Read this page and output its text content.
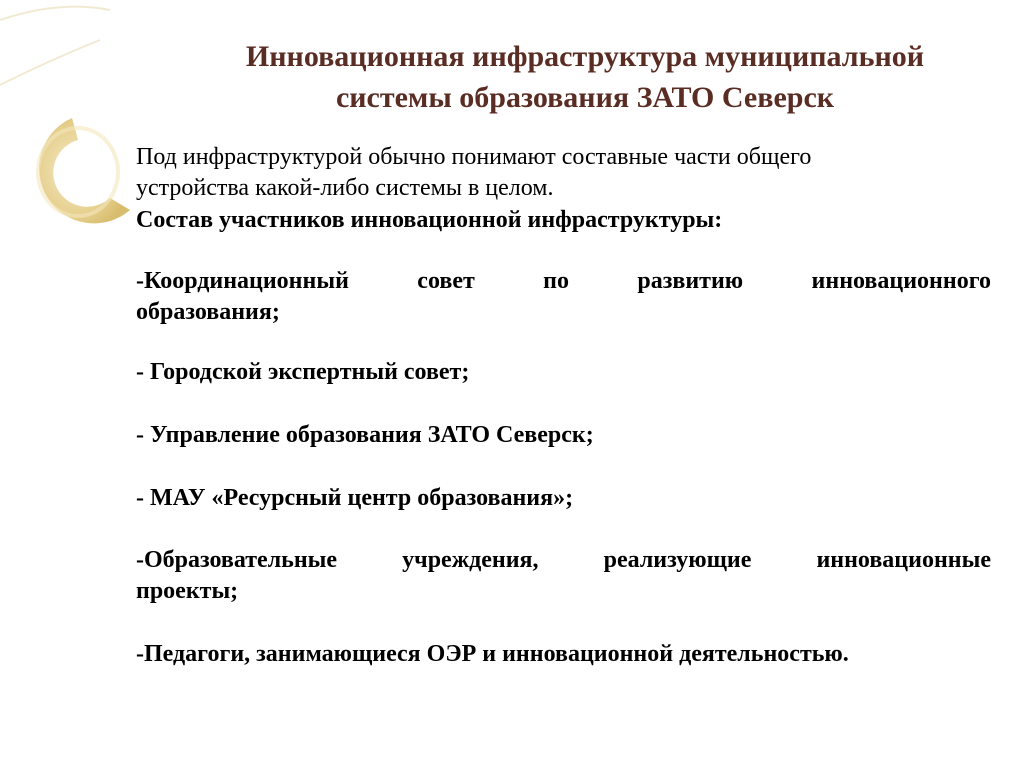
Инновационная инфраструктура муниципальной
системы образования ЗАТО Северск

Под инфраструктурой обычно понимают составные части общего
устройства какой-либо системы в целом.

Состав участников инновационной инфраструктуры:

-Координационный совет по развитию инновационного
образования;

- Городской экспертный совет;

- Управление образования ЗАТО Северск;

- МАУ «Ресурсный центр образования»;

-Образовательные учреждения, реализующие инновационные
проекты;

-Педагоги, занимающиеся ОЭР и инновационной деятельностью.
